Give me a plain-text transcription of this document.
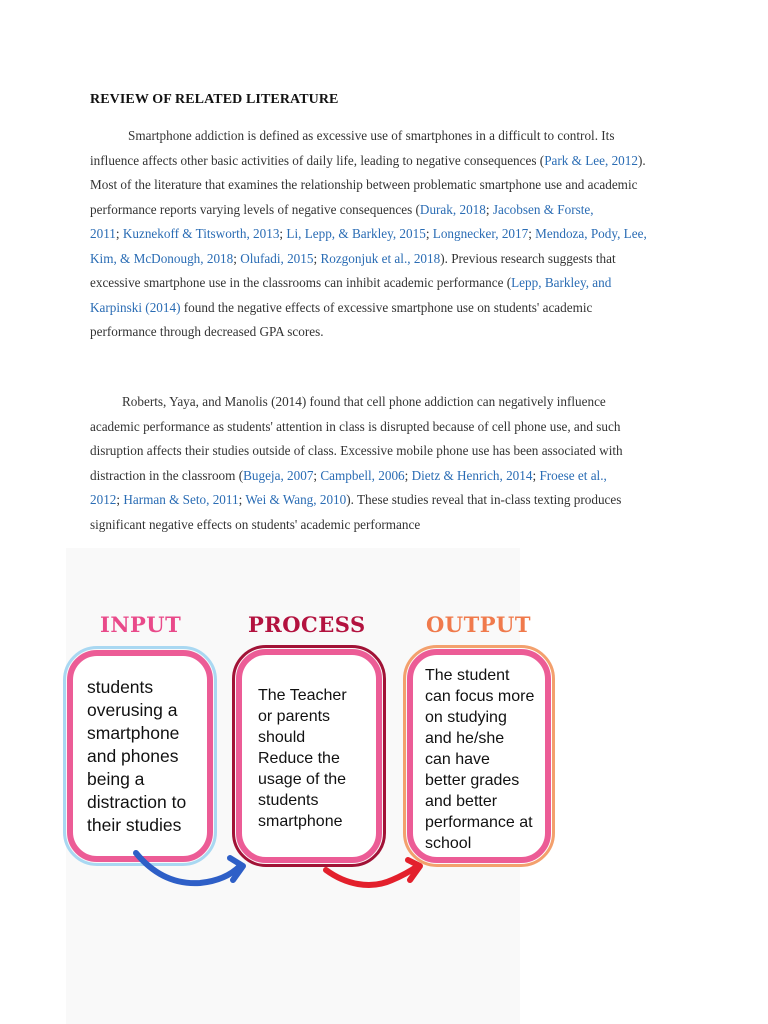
REVIEW OF RELATED LITERATURE
Smartphone addiction is defined as excessive use of smartphones in a difficult to control. Its
influence affects other basic activities of daily life, leading to negative consequences (Park & Lee, 2012).
Most of the literature that examines the relationship between problematic smartphone use and academic
performance reports varying levels of negative consequences (Durak, 2018; Jacobsen & Forste,
2011; Kuznekoff & Titsworth, 2013; Li, Lepp, & Barkley, 2015; Longnecker, 2017; Mendoza, Pody, Lee,
Kim, & McDonough, 2018; Olufadi, 2015; Rozgonjuk et al., 2018). Previous research suggests that
excessive smartphone use in the classrooms can inhibit academic performance (Lepp, Barkley, and
Karpinski (2014) found the negative effects of excessive smartphone use on students' academic
performance through decreased GPA scores.
Roberts, Yaya, and Manolis (2014) found that cell phone addiction can negatively influence
academic performance as students' attention in class is disrupted because of cell phone use, and such
disruption affects their studies outside of class. Excessive mobile phone use has been associated with
distraction in the classroom (Bugeja, 2007; Campbell, 2006; Dietz & Henrich, 2014; Froese et al.,
2012; Harman & Seto, 2011; Wei & Wang, 2010). These studies reveal that in-class texting produces
significant negative effects on students' academic performance
INPUT	PROCESS	OUTPUT
students
overusing a
smartphone
and phones
being a
distraction to
their studies
The Teacher
or parents
should
Reduce the
usage of the
students
smartphone
The student
can focus more
on studying
and he/she
can have
better grades
and better
performance at
school
